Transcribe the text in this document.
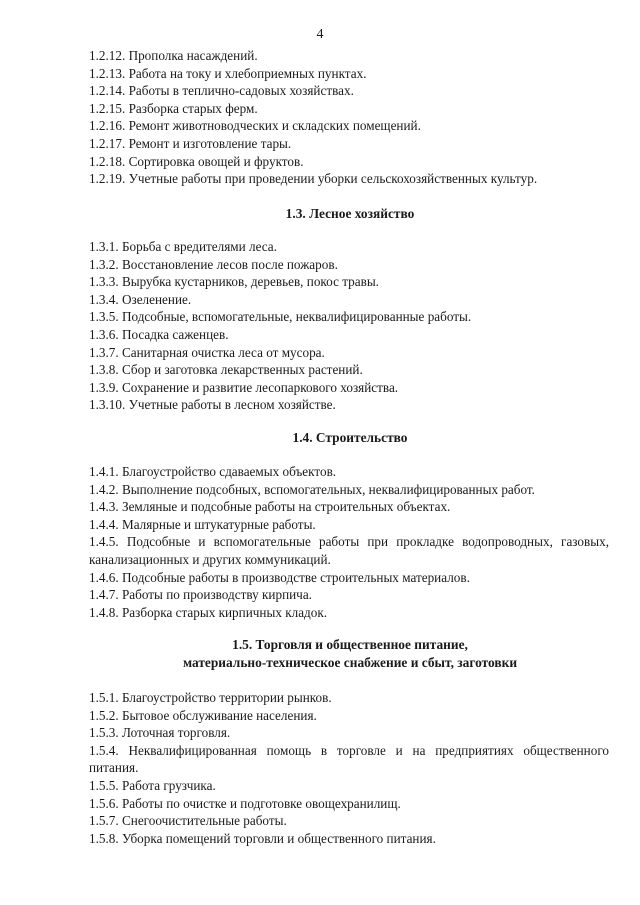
4
1.2.12. Прополка насаждений.
1.2.13. Работа на току и хлебоприемных пунктах.
1.2.14. Работы в теплично-садовых хозяйствах.
1.2.15. Разборка старых ферм.
1.2.16. Ремонт животноводческих и складских помещений.
1.2.17. Ремонт и изготовление тары.
1.2.18. Сортировка овощей и фруктов.
1.2.19. Учетные работы при проведении уборки сельскохозяйственных культур.
1.3. Лесное хозяйство
1.3.1. Борьба с вредителями леса.
1.3.2. Восстановление лесов после пожаров.
1.3.3. Вырубка кустарников, деревьев, покос травы.
1.3.4. Озеленение.
1.3.5. Подсобные, вспомогательные, неквалифицированные работы.
1.3.6. Посадка саженцев.
1.3.7. Санитарная очистка леса от мусора.
1.3.8. Сбор и заготовка лекарственных растений.
1.3.9. Сохранение и развитие лесопаркового хозяйства.
1.3.10. Учетные работы в лесном хозяйстве.
1.4. Строительство
1.4.1. Благоустройство сдаваемых объектов.
1.4.2. Выполнение подсобных, вспомогательных, неквалифицированных работ.
1.4.3. Земляные и подсобные работы на строительных объектах.
1.4.4. Малярные и штукатурные работы.
1.4.5. Подсобные и вспомогательные работы при прокладке водопроводных, газовых, канализационных и других коммуникаций.
1.4.6. Подсобные работы в производстве строительных материалов.
1.4.7. Работы по производству кирпича.
1.4.8. Разборка старых кирпичных кладок.
1.5. Торговля и общественное питание,
материально-техническое снабжение и сбыт, заготовки
1.5.1. Благоустройство территории рынков.
1.5.2. Бытовое обслуживание населения.
1.5.3. Лоточная торговля.
1.5.4. Неквалифицированная помощь в торговле и на предприятиях общественного питания.
1.5.5. Работа грузчика.
1.5.6. Работы по очистке и подготовке овощехранилищ.
1.5.7. Снегоочистительные работы.
1.5.8. Уборка помещений торговли и общественного питания.
